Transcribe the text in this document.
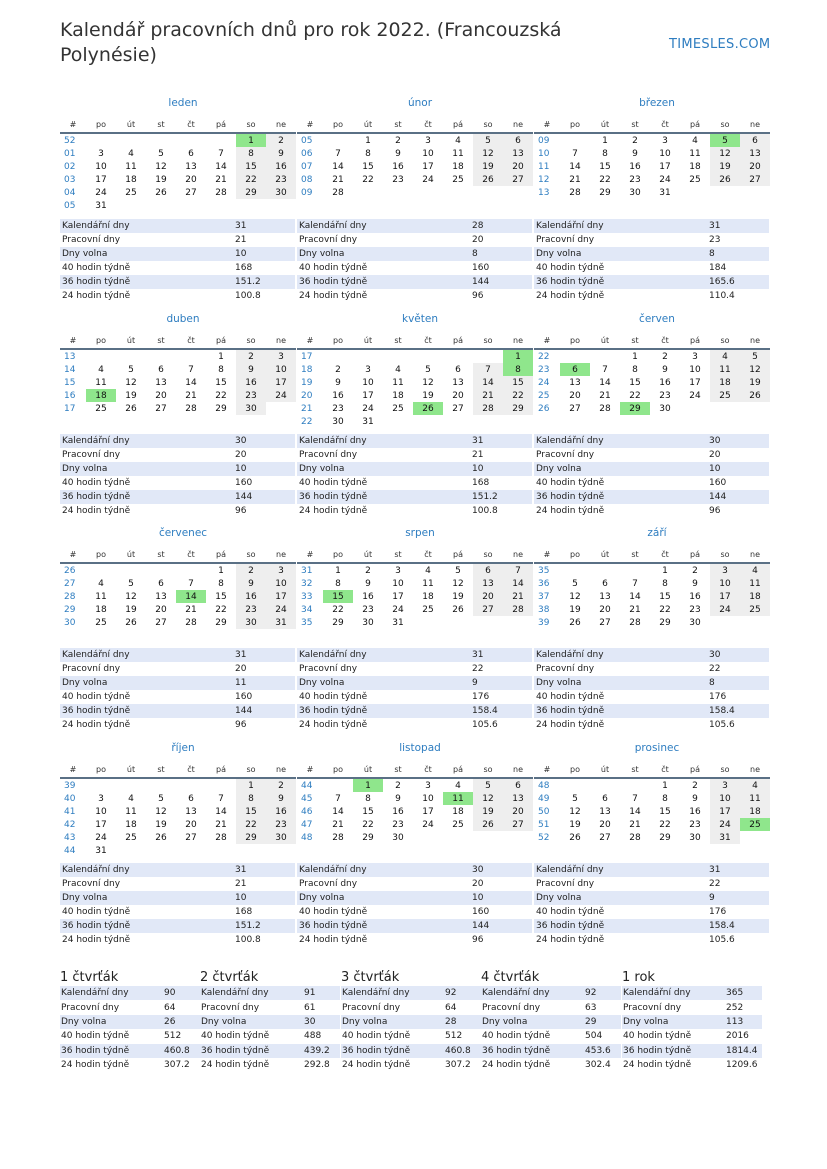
Kalendář pracovních dnů pro rok 2022. (Francouzská Polynésie)	TIMESLES.COM
leden
#	po	út	st	čt	pá	so	ne
52						1	2
01	3	4	5	6	7	8	9
02	10	11	12	13	14	15	16
03	17	18	19	20	21	22	23
04	24	25	26	27	28	29	30
05	31						
Kalendářní dny	31
Pracovní dny	21
Dny volna	10
40 hodin týdně	168
36 hodin týdně	151.2
24 hodin týdně	100.8
únor
#	po	út	st	čt	pá	so	ne
05		1	2	3	4	5	6
06	7	8	9	10	11	12	13
07	14	15	16	17	18	19	20
08	21	22	23	24	25	26	27
09	28						
Kalendářní dny	28
Pracovní dny	20
Dny volna	8
40 hodin týdně	160
36 hodin týdně	144
24 hodin týdně	96
březen
#	po	út	st	čt	pá	so	ne
09		1	2	3	4	5	6
10	7	8	9	10	11	12	13
11	14	15	16	17	18	19	20
12	21	22	23	24	25	26	27
13	28	29	30	31			
Kalendářní dny	31
Pracovní dny	23
Dny volna	8
40 hodin týdně	184
36 hodin týdně	165.6
24 hodin týdně	110.4
duben
#	po	út	st	čt	pá	so	ne
13					1	2	3
14	4	5	6	7	8	9	10
15	11	12	13	14	15	16	17
16	18	19	20	21	22	23	24
17	25	26	27	28	29	30	
Kalendářní dny	30
Pracovní dny	20
Dny volna	10
40 hodin týdně	160
36 hodin týdně	144
24 hodin týdně	96
květen
#	po	út	st	čt	pá	so	ne
17							1
18	2	3	4	5	6	7	8
19	9	10	11	12	13	14	15
20	16	17	18	19	20	21	22
21	23	24	25	26	27	28	29
22	30	31					
Kalendářní dny	31
Pracovní dny	21
Dny volna	10
40 hodin týdně	168
36 hodin týdně	151.2
24 hodin týdně	100.8
červen
#	po	út	st	čt	pá	so	ne
22			1	2	3	4	5
23	6	7	8	9	10	11	12
24	13	14	15	16	17	18	19
25	20	21	22	23	24	25	26
26	27	28	29	30			
Kalendářní dny	30
Pracovní dny	20
Dny volna	10
40 hodin týdně	160
36 hodin týdně	144
24 hodin týdně	96
červenec
#	po	út	st	čt	pá	so	ne
26					1	2	3
27	4	5	6	7	8	9	10
28	11	12	13	14	15	16	17
29	18	19	20	21	22	23	24
30	25	26	27	28	29	30	31
Kalendářní dny	31
Pracovní dny	20
Dny volna	11
40 hodin týdně	160
36 hodin týdně	144
24 hodin týdně	96
srpen
#	po	út	st	čt	pá	so	ne
31	1	2	3	4	5	6	7
32	8	9	10	11	12	13	14
33	15	16	17	18	19	20	21
34	22	23	24	25	26	27	28
35	29	30	31				
Kalendářní dny	31
Pracovní dny	22
Dny volna	9
40 hodin týdně	176
36 hodin týdně	158.4
24 hodin týdně	105.6
září
#	po	út	st	čt	pá	so	ne
35				1	2	3	4
36	5	6	7	8	9	10	11
37	12	13	14	15	16	17	18
38	19	20	21	22	23	24	25
39	26	27	28	29	30		
Kalendářní dny	30
Pracovní dny	22
Dny volna	8
40 hodin týdně	176
36 hodin týdně	158.4
24 hodin týdně	105.6
říjen
#	po	út	st	čt	pá	so	ne
39						1	2
40	3	4	5	6	7	8	9
41	10	11	12	13	14	15	16
42	17	18	19	20	21	22	23
43	24	25	26	27	28	29	30
44	31						
Kalendářní dny	31
Pracovní dny	21
Dny volna	10
40 hodin týdně	168
36 hodin týdně	151.2
24 hodin týdně	100.8
listopad
#	po	út	st	čt	pá	so	ne
44		1	2	3	4	5	6
45	7	8	9	10	11	12	13
46	14	15	16	17	18	19	20
47	21	22	23	24	25	26	27
48	28	29	30				
Kalendářní dny	30
Pracovní dny	20
Dny volna	10
40 hodin týdně	160
36 hodin týdně	144
24 hodin týdně	96
prosinec
#	po	út	st	čt	pá	so	ne
48				1	2	3	4
49	5	6	7	8	9	10	11
50	12	13	14	15	16	17	18
51	19	20	21	22	23	24	25
52	26	27	28	29	30	31	
Kalendářní dny	31
Pracovní dny	22
Dny volna	9
40 hodin týdně	176
36 hodin týdně	158.4
24 hodin týdně	105.6
1 čtvrťák
Kalendářní dny	90
Pracovní dny	64
Dny volna	26
40 hodin týdně	512
36 hodin týdně	460.8
24 hodin týdně	307.2
2 čtvrťák
Kalendářní dny	91
Pracovní dny	61
Dny volna	30
40 hodin týdně	488
36 hodin týdně	439.2
24 hodin týdně	292.8
3 čtvrťák
Kalendářní dny	92
Pracovní dny	64
Dny volna	28
40 hodin týdně	512
36 hodin týdně	460.8
24 hodin týdně	307.2
4 čtvrťák
Kalendářní dny	92
Pracovní dny	63
Dny volna	29
40 hodin týdně	504
36 hodin týdně	453.6
24 hodin týdně	302.4
1 rok
Kalendářní dny	365
Pracovní dny	252
Dny volna	113
40 hodin týdně	2016
36 hodin týdně	1814.4
24 hodin týdně	1209.6
